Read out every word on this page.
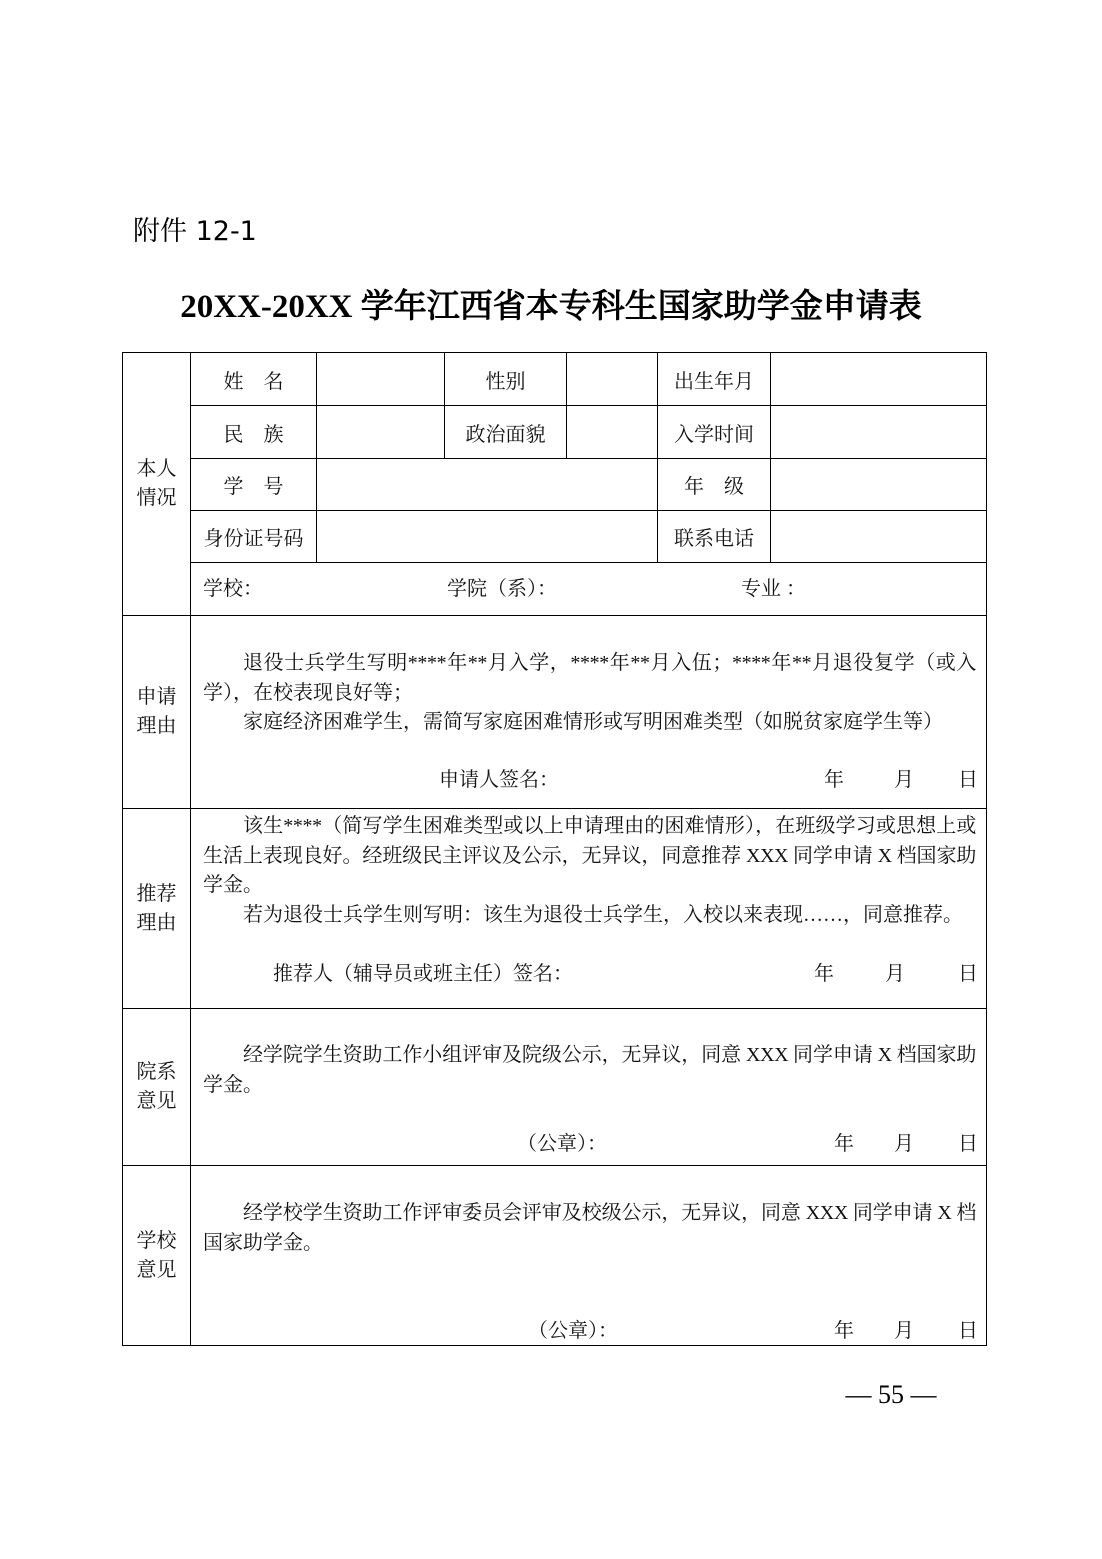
附件 12-1
20XX-20XX 学年江西省本专科生国家助学金申请表
本人情况
姓　名	性别	出生年月
民　族	政治面貌	入学时间
学　号	年　级
身份证号码	联系电话
学校：	学院（系）：	专业 ：
申请理由
退役士兵学生写明****年**月入学，****年**月入伍；****年**月退役复学（或入
学），在校表现良好等；
家庭经济困难学生，需简写家庭困难情形或写明困难类型（如脱贫家庭学生等）
申请人签名：	年	月 日
推荐理由
该生****（简写学生困难类型或以上申请理由的困难情形），在班级学习或思想上或
生活上表现良好。经班级民主评议及公示，无异议，同意推荐 XXX 同学申请 X 档国家助
学金。
若为退役士兵学生则写明：该生为退役士兵学生，入校以来表现……，同意推荐。
推荐人（辅导员或班主任）签名：	年	月	日
院系意见
经学院学生资助工作小组评审及院级公示，无异议，同意 XXX 同学申请 X 档国家助
学金。
（公章）：	年 月 日
学校意见
经学校学生资助工作评审委员会评审及校级公示，无异议，同意 XXX 同学申请 X 档
国家助学金。
（公章）：	年 月 日
— 55 —
